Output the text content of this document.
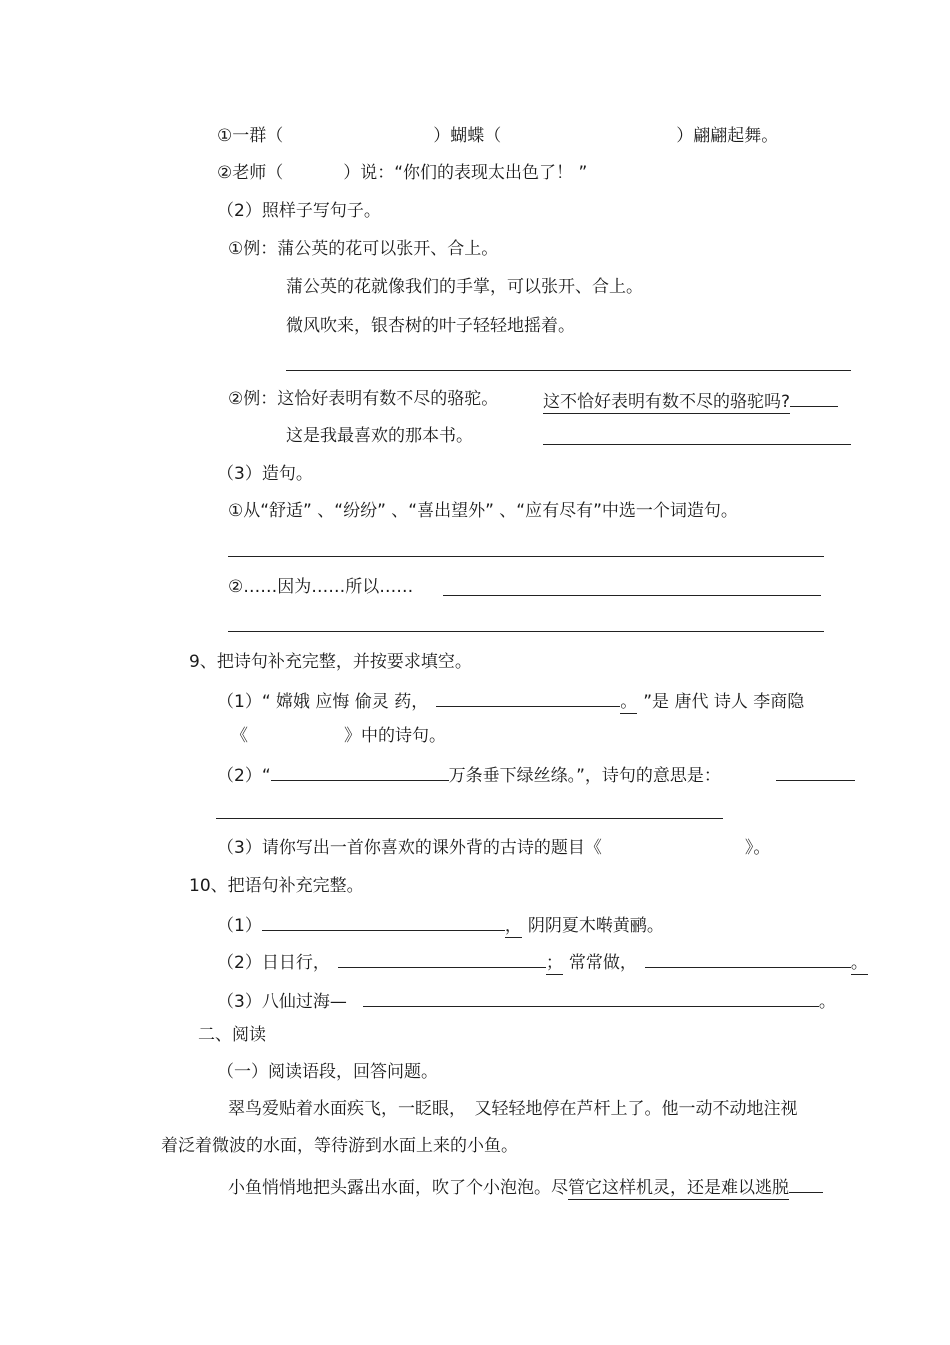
①一群（	）蝴蝶（	）翩翩起舞。
②老师（	）说：“你们的表现太出色了！ ”
（2）照样子写句子。
①例：蒲公英的花可以张开、合上。
蒲公英的花就像我们的手掌，可以张开、合上。
微风吹来，银杏树的叶子轻轻地摇着。
②例：这恰好表明有数不尽的骆驼。	这不恰好表明有数不尽的骆驼吗?
这是我最喜欢的那本书。
（3）造句。
①从“舒适” 、“纷纷” 、“喜出望外” 、“应有尽有”中选一个词造句。
②……因为……所以……
9、把诗句补充完整，并按要求填空。
（1）“ 嫦娥 应悔 偷灵 药，	。 ”是 唐代 诗人 李商隐
《	》中的诗句。
（2）“	万条垂下绿丝绦。”，诗句的意思是：
（3）请你写出一首你喜欢的课外背的古诗的题目《	》。
10、把语句补充完整。
（1）	， 阴阴夏木啭黄鹂。
（2）日日行，	； 常常做，	。
（3）八仙过海—	。
二、阅读
（一）阅读语段，回答问题。
翠鸟爱贴着水面疾飞，一眨眼，　又轻轻地停在芦杆上了。他一动不动地注视
着泛着微波的水面，等待游到水面上来的小鱼。
小鱼悄悄地把头露出水面，吹了个小泡泡。尽管它这样机灵，还是难以逃脱
